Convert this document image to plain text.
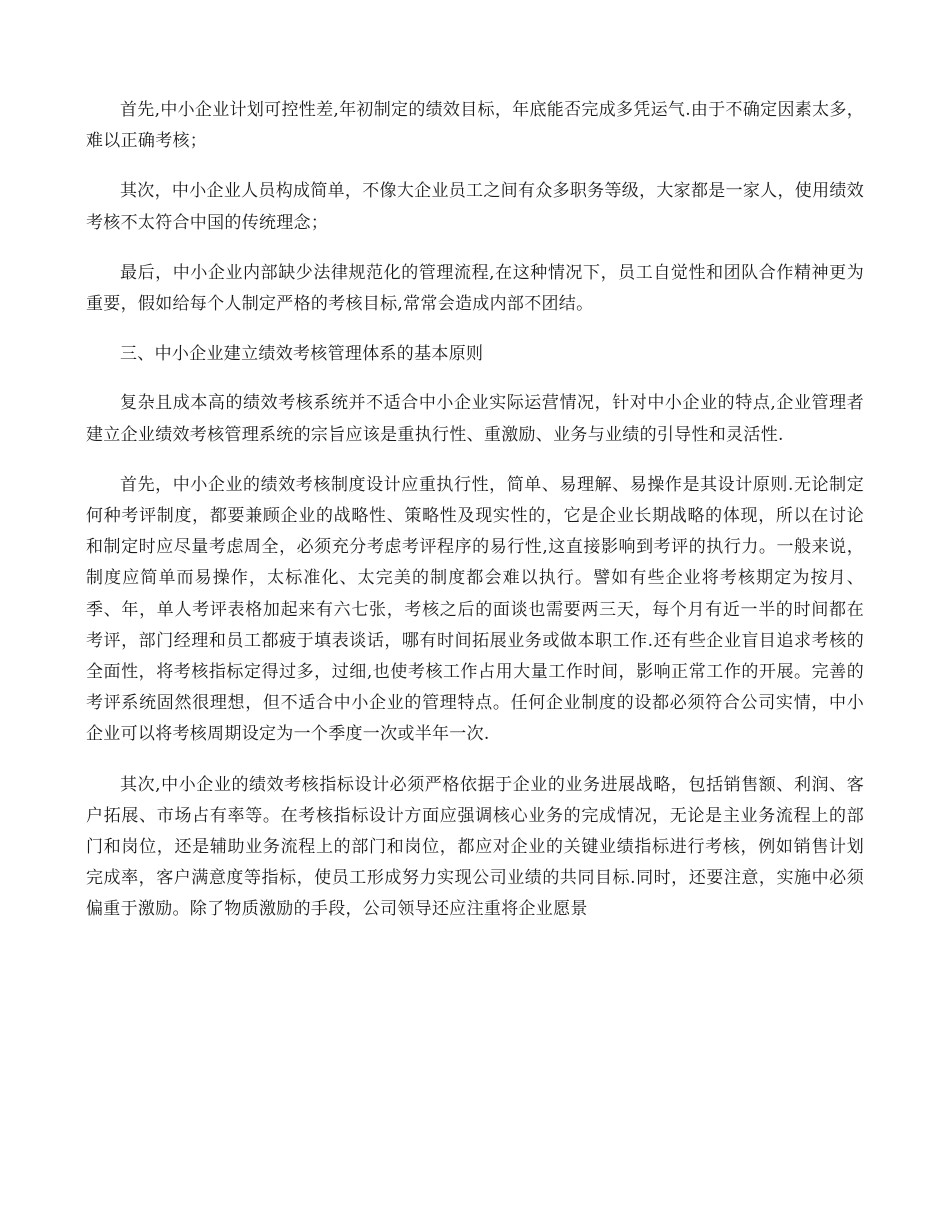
首先,中小企业计划可控性差,年初制定的绩效目标，年底能否完成多凭运气.由于不确定因素太多，难以正确考核；

其次，中小企业人员构成简单，不像大企业员工之间有众多职务等级，大家都是一家人，使用绩效考核不太符合中国的传统理念；

最后，中小企业内部缺少法律规范化的管理流程,在这种情况下，员工自觉性和团队合作精神更为重要，假如给每个人制定严格的考核目标,常常会造成内部不团结。

三、中小企业建立绩效考核管理体系的基本原则

复杂且成本高的绩效考核系统并不适合中小企业实际运营情况，针对中小企业的特点,企业管理者建立企业绩效考核管理系统的宗旨应该是重执行性、重激励、业务与业绩的引导性和灵活性.

首先，中小企业的绩效考核制度设计应重执行性，简单、易理解、易操作是其设计原则.无论制定何种考评制度，都要兼顾企业的战略性、策略性及现实性的，它是企业长期战略的体现，所以在讨论和制定时应尽量考虑周全，必须充分考虑考评程序的易行性,这直接影响到考评的执行力。一般来说，制度应简单而易操作，太标准化、太完美的制度都会难以执行。譬如有些企业将考核期定为按月、季、年，单人考评表格加起来有六七张，考核之后的面谈也需要两三天，每个月有近一半的时间都在考评，部门经理和员工都疲于填表谈话，哪有时间拓展业务或做本职工作.还有些企业盲目追求考核的全面性，将考核指标定得过多，过细,也使考核工作占用大量工作时间，影响正常工作的开展。完善的考评系统固然很理想，但不适合中小企业的管理特点。任何企业制度的设都必须符合公司实情，中小企业可以将考核周期设定为一个季度一次或半年一次.

其次,中小企业的绩效考核指标设计必须严格依据于企业的业务进展战略，包括销售额、利润、客户拓展、市场占有率等。在考核指标设计方面应强调核心业务的完成情况，无论是主业务流程上的部门和岗位，还是辅助业务流程上的部门和岗位，都应对企业的关键业绩指标进行考核，例如销售计划完成率，客户满意度等指标，使员工形成努力实现公司业绩的共同目标.同时，还要注意，实施中必须偏重于激励。除了物质激励的手段，公司领导还应注重将企业愿景
